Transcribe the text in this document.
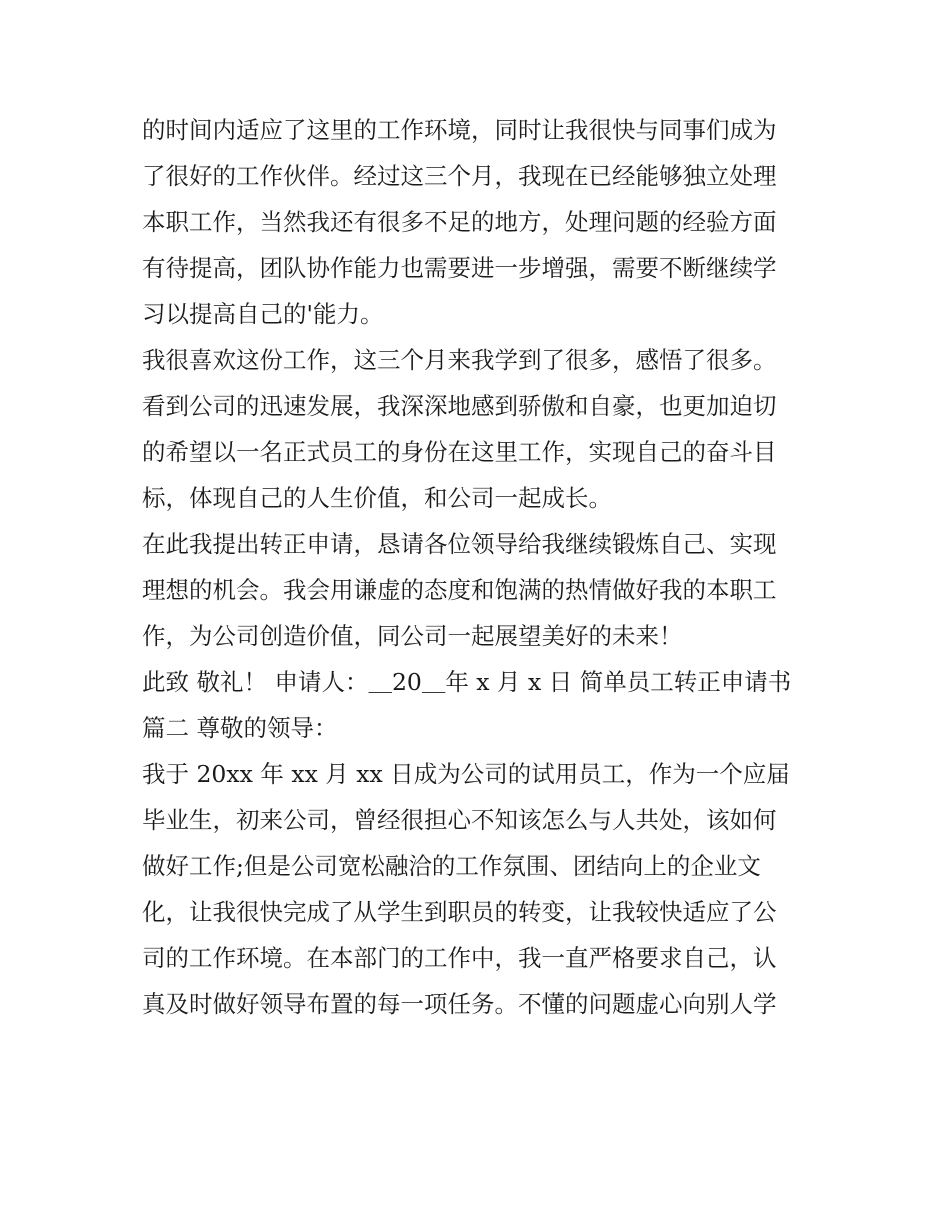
的时间内适应了这里的工作环境，同时让我很快与同事们成为
了很好的工作伙伴。经过这三个月，我现在已经能够独立处理
本职工作，当然我还有很多不足的地方，处理问题的经验方面
有待提高，团队协作能力也需要进一步增强，需要不断继续学
习以提高自己的'能力。
我很喜欢这份工作，这三个月来我学到了很多，感悟了很多。
看到公司的迅速发展，我深深地感到骄傲和自豪，也更加迫切
的希望以一名正式员工的身份在这里工作，实现自己的奋斗目
标，体现自己的人生价值，和公司一起成长。
在此我提出转正申请，恳请各位领导给我继续锻炼自己、实现
理想的机会。我会用谦虚的态度和饱满的热情做好我的本职工
作，为公司创造价值，同公司一起展望美好的未来！
此致 敬礼！ 申请人：＿20＿年 x 月 x 日 简单员工转正申请书
篇二 尊敬的领导：
我于 20xx 年 xx 月 xx 日成为公司的试用员工，作为一个应届
毕业生，初来公司，曾经很担心不知该怎么与人共处，该如何
做好工作;但是公司宽松融洽的工作氛围、团结向上的企业文
化，让我很快完成了从学生到职员的转变，让我较快适应了公
司的工作环境。在本部门的工作中，我一直严格要求自己，认
真及时做好领导布置的每一项任务。不懂的问题虚心向别人学
